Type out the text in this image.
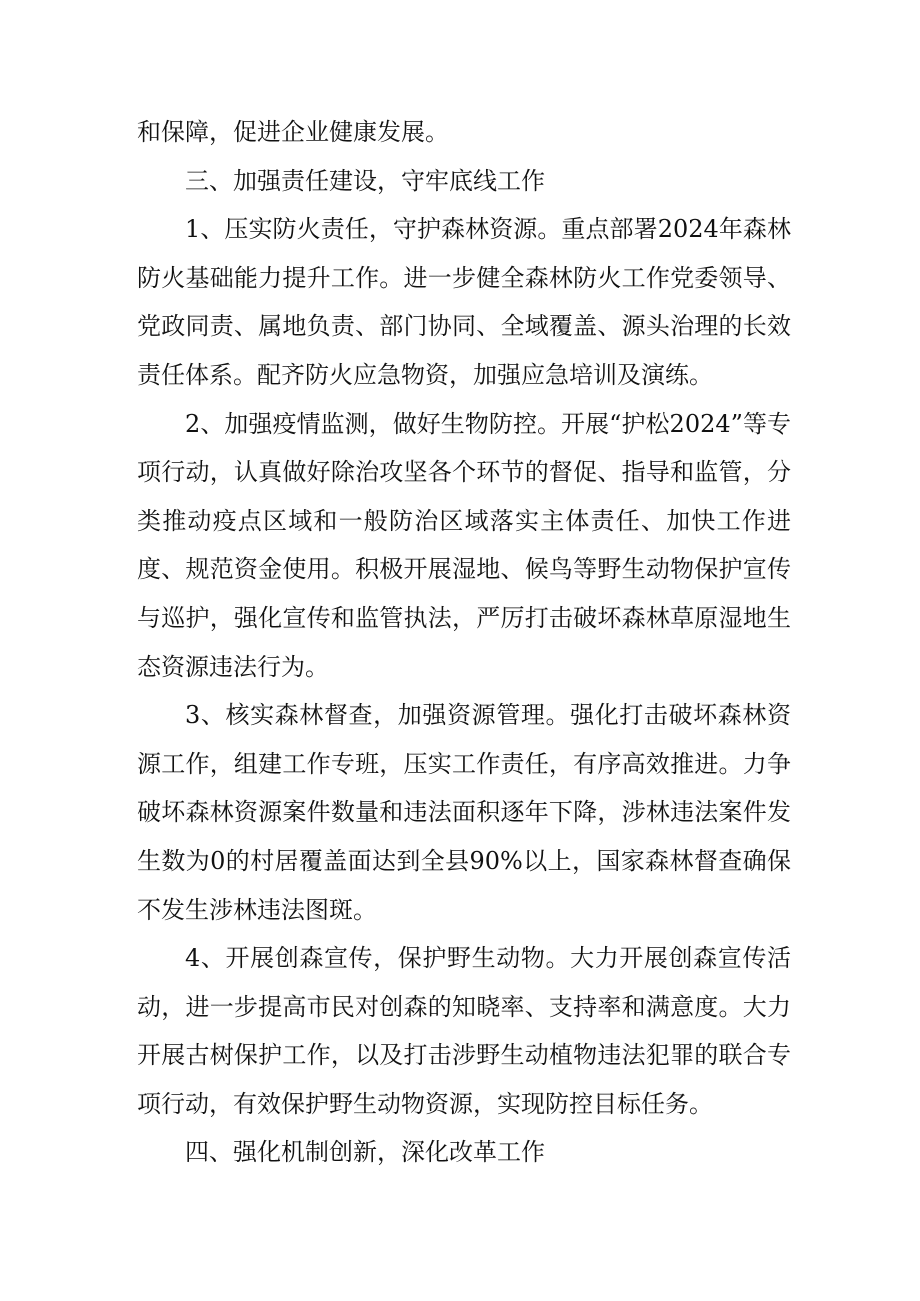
和保障，促进企业健康发展。

三、加强责任建设，守牢底线工作

1、压实防火责任，守护森林资源。重点部署2024年森林防火基础能力提升工作。进一步健全森林防火工作党委领导、党政同责、属地负责、部门协同、全域覆盖、源头治理的长效责任体系。配齐防火应急物资，加强应急培训及演练。

2、加强疫情监测，做好生物防控。开展“护松2024”等专项行动，认真做好除治攻坚各个环节的督促、指导和监管，分类推动疫点区域和一般防治区域落实主体责任、加快工作进度、规范资金使用。积极开展湿地、候鸟等野生动物保护宣传与巡护，强化宣传和监管执法，严厉打击破坏森林草原湿地生态资源违法行为。

3、核实森林督查，加强资源管理。强化打击破坏森林资源工作，组建工作专班，压实工作责任，有序高效推进。力争破坏森林资源案件数量和违法面积逐年下降，涉林违法案件发生数为0的村居覆盖面达到全县90%以上，国家森林督查确保不发生涉林违法图斑。

4、开展创森宣传，保护野生动物。大力开展创森宣传活动，进一步提高市民对创森的知晓率、支持率和满意度。大力开展古树保护工作，以及打击涉野生动植物违法犯罪的联合专项行动，有效保护野生动物资源，实现防控目标任务。

四、强化机制创新，深化改革工作
